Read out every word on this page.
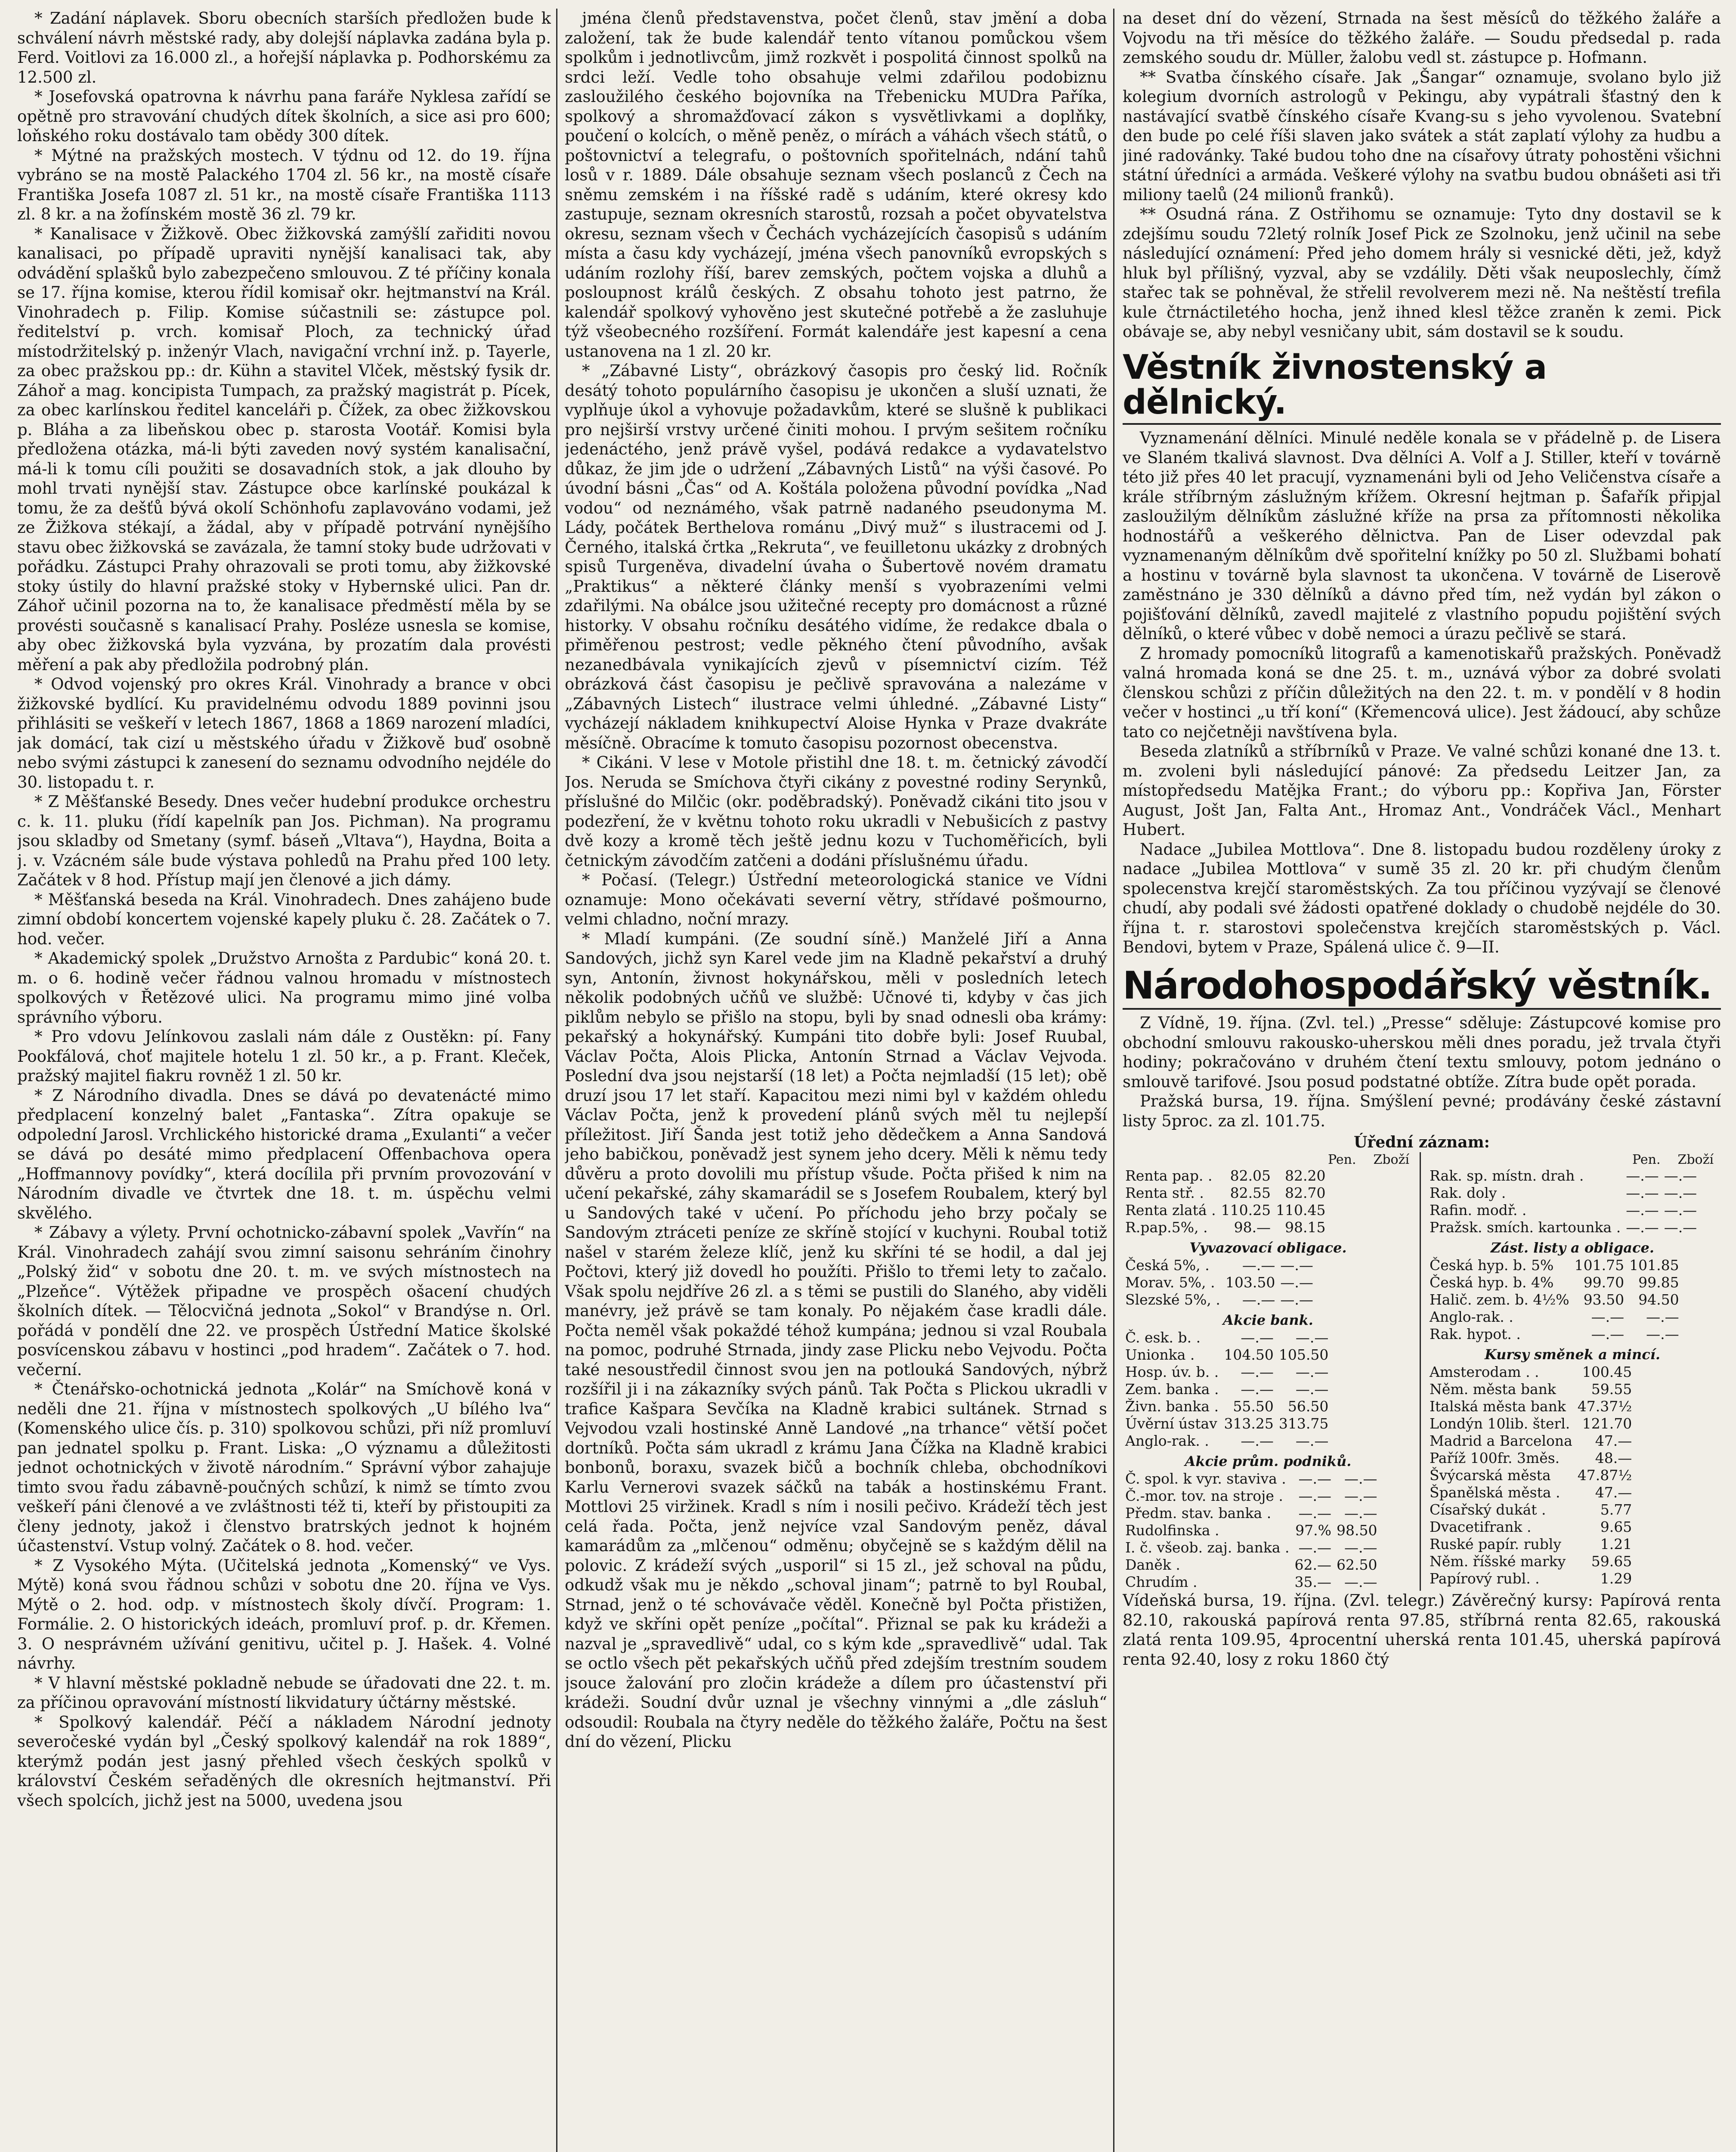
* Zadání náplavek. Sboru obecních starších předložen bude k schválení návrh městské rady, aby dolejší náplavka zadána byla p. Ferd. Voitlovi za 16.000 zl., a hořejší náplavka p. Podhorskému za 12.500 zl.

* Josefovská opatrovna k návrhu pana faráře Nyklesa zařídí se opětně pro stravování chudých dítek školních, a sice asi pro 600; loňského roku dostávalo tam obědy 300 dítek.

* Mýtné na pražských mostech. V týdnu od 12. do 19. října vybráno se na mostě Palackého 1704 zl. 56 kr., na mostě císaře Františka Josefa 1087 zl. 51 kr., na mostě císaře Františka 1113 zl. 8 kr. a na žofínském mostě 36 zl. 79 kr.

* Kanalisace v Žižkově. Obec žižkovská zamýšlí zařiditi novou kanalisaci, po případě upraviti nynější kanalisaci tak, aby odvádění splašků bylo zabezpečeno smlouvou. Z té příčiny konala se 17. října komise, kterou řídil komisař okr. hejtmanství na Král. Vinohradech p. Filip. Komise súčastnili se: zástupce pol. ředitelství p. vrch. komisař Ploch, za technický úřad místodržitelský p. inženýr Vlach, navigační vrchní inž. p. Tayerle, za obec pražskou pp.: dr. Kühn a stavitel Vlček, městský fysik dr. Záhoř a mag. koncipista Tumpach, za pražský magistrát p. Pícek, za obec karlínskou ředitel kanceláři p. Čížek, za obec žižkovskou p. Bláha a za libeňskou obec p. starosta Vootář. Komisi byla předložena otázka, má-li býti zaveden nový systém kanalisační, má-li k tomu cíli použiti se dosavadních stok, a jak dlouho by mohl trvati nynější stav. Zástupce obce karlínské poukázal k tomu, že za dešťů bývá okolí Schönhofu zaplavováno vodami, jež ze Žižkova stékají, a žádal, aby v případě potrvání nynějšího stavu obec žižkovská se zavázala, že tamní stoky bude udržovati v pořádku. Zástupci Prahy ohrazovali se proti tomu, aby žižkovské stoky ústily do hlavní pražské stoky v Hybernské ulici. Pan dr. Záhoř učinil pozorna na to, že kanalisace předměstí měla by se provésti současně s kanalisací Prahy. Posléze usnesla se komise, aby obec žižkovská byla vyzvána, by prozatím dala provésti měření a pak aby předložila podrobný plán.

* Odvod vojenský pro okres Král. Vinohrady a brance v obci žižkovské bydlící. Ku pravidelnému odvodu 1889 povinni jsou přihlásiti se veškeří v letech 1867, 1868 a 1869 narození mladíci, jak domácí, tak cizí u městského úřadu v Žižkově buď osobně nebo svými zástupci k zanesení do seznamu odvodního nejdéle do 30. listopadu t. r.

* Z Měšťanské Besedy. Dnes večer hudební produkce orchestru c. k. 11. pluku (řídí kapelník pan Jos. Pichman). Na programu jsou skladby od Smetany (symf. báseň „Vltava“), Haydna, Boita a j. v. Vzácném sále bude výstava pohledů na Prahu před 100 lety. Začátek v 8 hod. Přístup mají jen členové a jich dámy.

* Měšťanská beseda na Král. Vinohradech. Dnes zahájeno bude zimní období koncertem vojenské kapely pluku č. 28. Začátek o 7. hod. večer.

* Akademický spolek „Družstvo Arnošta z Pardubic“ koná 20. t. m. o 6. hodině večer řádnou valnou hromadu v místnostech spolkových v Řetězové ulici. Na programu mimo jiné volba správního výboru.

* Pro vdovu Jelínkovou zaslali nám dále z Oustěkn: pí. Fany Pookfálová, choť majitele hotelu 1 zl. 50 kr., a p. Frant. Kleček, pražský majitel fiakru rovněž 1 zl. 50 kr.

* Z Národního divadla. Dnes se dává po devatenácté mimo předplacení konzelný balet „Fantaska“. Zítra opakuje se odpolední Jarosl. Vrchlického historické drama „Exulanti“ a večer se dává po desáté mimo předplacení Offenbachova opera „Hoffmannovy povídky“, která docílila při prvním provozování v Národním divadle ve čtvrtek dne 18. t. m. úspěchu velmi skvělého.

* Zábavy a výlety. První ochotnicko-zábavní spolek „Vavřín“ na Král. Vinohradech zahájí svou zimní saisonu sehráním činohry „Polský žid“ v sobotu dne 20. t. m. ve svých místnostech na „Plzeňce“. Výtěžek připadne ve prospěch ošacení chudých školních dítek. — Tělocvičná jednota „Sokol“ v Brandýse n. Orl. pořádá v pondělí dne 22. ve prospěch Ústřední Matice školské posvícenskou zábavu v hostinci „pod hradem“. Začátek o 7. hod. večerní.

* Čtenářsko-ochotnická jednota „Kolár“ na Smíchově koná v neděli dne 21. října v místnostech spolkových „U bílého lva“ (Komenského ulice čís. p. 310) spolkovou schůzi, při níž promluví pan jednatel spolku p. Frant. Liska: „O významu a důležitosti jednot ochotnických v životě národním.“ Správní výbor zahajuje timto svou řadu zábavně-poučných schůzí, k nimž se tímto zvou veškeří páni členové a ve zvláštnosti též ti, kteří by přistoupiti za členy jednoty, jakož i členstvo bratrských jednot k hojném účastenství. Vstup volný. Začátek o 8. hod. večer.

* Z Vysokého Mýta. (Učitelská jednota „Komenský“ ve Vys. Mýtě) koná svou řádnou schůzi v sobotu dne 20. října ve Vys. Mýtě o 2. hod. odp. v místnostech školy dívčí. Program: 1. Formálie. 2. O historických ideách, promluví prof. p. dr. Křemen. 3. O nesprávném užívání genitivu, učitel p. J. Hašek. 4. Volné návrhy.

* V hlavní městské pokladně nebude se úřadovati dne 22. t. m. za příčinou opravování místností likvidatury účtárny městské.

* Spolkový kalendář. Péčí a nákladem Národní jednoty severočeské vydán byl „Český spolkový kalendář na rok 1889“, kterýmž podán jest jasný přehled všech českých spolků v království Českém seřaděných dle okresních hejtmanství. Při všech spolcích, jichž jest na 5000, uvedena jsou

jména členů představenstva, počet členů, stav jmění a doba založení, tak že bude kalendář tento vítanou pomůckou všem spolkům i jednotlivcům, jimž rozkvět i pospolitá činnost spolků na srdci leží. Vedle toho obsahuje velmi zdařilou podobiznu zasloužilého českého bojovníka na Třebenicku MUDra Paříka, spolkový a shromažďovací zákon s vysvětlivkami a doplňky, poučení o kolcích, o měně peněz, o mírách a váhách všech států, o poštovnictví a telegrafu, o poštovních spořitelnách, ndání tahů losů v r. 1889. Dále obsahuje seznam všech poslanců z Čech na sněmu zemském i na říšské radě s udáním, které okresy kdo zastupuje, seznam okresních starostů, rozsah a počet obyvatelstva okresu, seznam všech v Čechách vycházejících časopisů s udáním místa a času kdy vycházejí, jména všech panovníků evropských s udáním rozlohy říší, barev zemských, počtem vojska a dluhů a posloupnost králů českých. Z obsahu tohoto jest patrno, že kalendář spolkový vyhověno jest skutečné potřebě a že zasluhuje týž všeobecného rozšíření. Formát kalendáře jest kapesní a cena ustanovena na 1 zl. 20 kr.

* „Zábavné Listy“, obrázkový časopis pro český lid. Ročník desátý tohoto populárního časopisu je ukončen a sluší uznati, že vyplňuje úkol a vyhovuje požadavkům, které se slušně k publikaci pro nejširší vrstvy určené činiti mohou. I prvým sešitem ročníku jedenáctého, jenž právě vyšel, podává redakce a vydavatelstvo důkaz, že jim jde o udržení „Zábavných Listů“ na výši časové. Po úvodní básni „Čas“ od A. Koštála položena původní povídka „Nad vodou“ od neznámého, však patrně nadaného pseudonyma M. Lády, počátek Berthelova románu „Divý muž“ s ilustracemi od J. Černého, italská črtka „Rekruta“, ve feuilletonu ukázky z drobných spisů Turgeněva, divadelní úvaha o Šubertově novém dramatu „Praktikus“ a některé články menší s vyobrazeními velmi zdařilými. Na obálce jsou užitečné recepty pro domácnost a různé historky. V obsahu ročníku desátého vidíme, že redakce dbala o přiměřenou pestrost; vedle pěkného čtení původního, avšak nezanedbávala vynikajících zjevů v písemnictví cizím. Též obrázková část časopisu je pečlivě spravována a nalezáme v „Zábavných Listech“ ilustrace velmi úhledné. „Zábavné Listy“ vycházejí nákladem knihkupectví Aloise Hynka v Praze dvakráte měsíčně. Obracíme k tomuto časopisu pozornost obecenstva.

* Cikáni. V lese v Motole přistihl dne 18. t. m. četnický závodčí Jos. Neruda se Smíchova čtyři cikány z povestné rodiny Serynků, příslušné do Milčic (okr. poděbradský). Poněvadž cikáni tito jsou v podezření, že v květnu tohoto roku ukradli v Nebušicích z pastvy dvě kozy a kromě těch ještě jednu kozu v Tuchoměřicích, byli četnickým závodčím zatčeni a dodáni příslušnému úřadu.

* Počasí. (Telegr.) Ústřední meteorologická stanice ve Vídni oznamuje: Mono očekávati severní větry, střídavé pošmourno, velmi chladno, noční mrazy.

* Mladí kumpáni. (Ze soudní síně.) Manželé Jiří a Anna Sandových, jichž syn Karel vede jim na Kladně pekařství a druhý syn, Antonín, živnost hokynářskou, měli v posledních letech několik podobných učňů ve službě: Učnové ti, kdyby v čas jich piklům nebylo se přišlo na stopu, byli by snad odnesli oba krámy: pekařský a hokynářský. Kumpáni tito dobře byli: Josef Ruubal, Václav Počta, Alois Plicka, Antonín Strnad a Václav Vejvoda. Poslední dva jsou nejstarší (18 let) a Počta nejmladší (15 let); obě druzí jsou 17 let staří. Kapacitou mezi nimi byl v každém ohledu Václav Počta, jenž k provedení plánů svých měl tu nejlepší příležitost. Jiří Šanda jest totiž jeho dědečkem a Anna Sandová jeho babičkou, poněvadž jest synem jeho dcery. Měli k němu tedy důvěru a proto dovolili mu přístup všude. Počta přišed k nim na učení pekařské, záhy skamarádil se s Josefem Roubalem, který byl u Sandových také v učení. Po příchodu jeho brzy počaly se Sandovým ztráceti peníze ze skříně stojící v kuchyni. Roubal totiž našel v starém železe klíč, jenž ku skříni té se hodil, a dal jej Počtovi, který již dovedl ho použíti. Přišlo to třemi lety to začalo. Však spolu nejdříve 26 zl. a s těmi se pustili do Slaného, aby viděli manévry, jež právě se tam konaly. Po nějakém čase kradli dále. Počta neměl však pokaždé téhož kumpána; jednou si vzal Roubala na pomoc, podruhé Strnada, jindy zase Plicku nebo Vejvodu. Počta také nesoustředil činnost svou jen na potlouká Sandových, nýbrž rozšířil ji i na zákazníky svých pánů. Tak Počta s Plickou ukradli v trafice Kašpara Sevčíka na Kladně krabici sultánek. Strnad s Vejvodou vzali hostinské Anně Landové „na trhance“ větší počet dortníků. Počta sám ukradl z krámu Jana Čížka na Kladně krabici bonbonů, boraxu, svazek bičů a bochník chleba, obchodníkovi Karlu Vernerovi svazek sáčků na tabák a hostinskému Frant. Mottlovi 25 viržinek. Kradl s ním i nosili pečivo. Krádeží těch jest celá řada. Počta, jenž nejvíce vzal Sandovým peněz, dával kamarádům za „mlčenou“ odměnu; obyčejně se s každým dělil na polovic. Z krádeží svých „usporil“ si 15 zl., jež schoval na půdu, odkudž však mu je někdo „schoval jinam“; patrně to byl Roubal, Strnad, jenž o té schovávače věděl. Konečně byl Počta přistižen, když ve skříni opět peníze „počítal“. Přiznal se pak ku krádeži a nazval je „spravedlivě“ udal, co s kým kde „spravedlivě“ udal. Tak se octlo všech pět pekařských učňů před zdejším trestním soudem jsouce žalování pro zločin krádeže a dílem pro účastenství při krádeži. Soudní dvůr uznal je všechny vinnými a „dle zásluh“ odsoudil: Roubala na čtyry neděle do těžkého žaláře, Počtu na šest dní do vězení, Plicku

na deset dní do vězení, Strnada na šest měsíců do těžkého žaláře a Vojvodu na tři měsíce do těžkého žaláře. — Soudu předsedal p. rada zemského soudu dr. Müller, žalobu vedl st. zástupce p. Hofmann.

** Svatba čínského císaře. Jak „Šangar“ oznamuje, svolano bylo již kolegium dvorních astrologů v Pekingu, aby vypátrali šťastný den k nastávající svatbě čínského císaře Kvang-su s jeho vyvolenou. Svatební den bude po celé říši slaven jako svátek a stát zaplatí výlohy za hudbu a jiné radovánky. Také budou toho dne na císařovy útraty pohostěni všichni státní úředníci a armáda. Veškeré výlohy na svatbu budou obnášeti asi tři miliony taelů (24 milionů franků).

** Osudná rána. Z Ostřihomu se oznamuje: Tyto dny dostavil se k zdejšímu soudu 72letý rolník Josef Pick ze Szolnoku, jenž učinil na sebe následující oznámení: Před jeho domem hrály si vesnické děti, jež, když hluk byl přílišný, vyzval, aby se vzdálily. Děti však neuposlechly, čímž stařec tak se pohněval, že střelil revolverem mezi ně. Na neštěstí trefila kule čtrnáctiletého hocha, jenž ihned klesl těžce zraněn k zemi. Pick obávaje se, aby nebyl vesničany ubit, sám dostavil se k soudu.

Věstník živnostenský a dělnický.

Vyznamenání dělníci. Minulé neděle konala se v přádelně p. de Lisera ve Slaném tkalivá slavnost. Dva dělníci A. Volf a J. Stiller, kteří v továrně této již přes 40 let pracují, vyznamenáni byli od Jeho Veličenstva císaře a krále stříbrným záslužným křížem. Okresní hejtman p. Šafařík připjal zasloužilým dělníkům záslužné kříže na prsa za přítomnosti několika hodnostářů a veškerého dělnictva. Pan de Liser odevzdal pak vyznamenaným dělníkům dvě spořitelní knížky po 50 zl. Službami bohatí a hostinu v továrně byla slavnost ta ukončena. V továrně de Liserově zaměstnáno je 330 dělníků a dávno před tím, než vydán byl zákon o pojišťování dělníků, zavedl majitelé z vlastního popudu pojištění svých dělníků, o které vůbec v době nemoci a úrazu pečlivě se stará.

Z hromady pomocníků litografů a kamenotiskařů pražských. Poněvadž valná hromada koná se dne 25. t. m., uznává výbor za dobré svolati členskou schůzi z příčin důležitých na den 22. t. m. v pondělí v 8 hodin večer v hostinci „u tří koní“ (Křemencová ulice). Jest žádoucí, aby schůze tato co nejčetněji navštívena byla.

Beseda zlatníků a stříbrníků v Praze. Ve valné schůzi konané dne 13. t. m. zvoleni byli následující pánové: Za předsedu Leitzer Jan, za místopředsedu Matějka Frant.; do výboru pp.: Kopřiva Jan, Förster August, Jošt Jan, Falta Ant., Hromaz Ant., Vondráček Václ., Menhart Hubert.

Nadace „Jubilea Mottlova“. Dne 8. listopadu budou rozděleny úroky z nadace „Jubilea Mottlova“ v sumě 35 zl. 20 kr. při chudým členům spolecenstva krejčí staroměstských. Za tou příčinou vyzývají se členové chudí, aby podali své žádosti opatřené doklady o chudobě nejdéle do 30. října t. r. starostovi společenstva krejčích staroměstských p. Václ. Bendovi, bytem v Praze, Spálená ulice č. 9—II.

Národohospodářský věstník.

Z Vídně, 19. října. (Zvl. tel.) „Presse“ sděluje: Zástupcové komise pro obchodní smlouvu rakousko-uherskou měli dnes poradu, jež trvala čtyři hodiny; pokračováno v druhém čtení textu smlouvy, potom jednáno o smlouvě tarifové. Jsou posud podstatné obtíže. Zítra bude opět porada.

Pražská bursa, 19. října. Smýšlení pevné; prodávány české zástavní listy 5proc. za zl. 101.75.

Úřední záznam:
Pen. Zboží
Renta pap. .	82.05	82.20
Renta stř. .	82.55	82.70
Renta zlatá .	110.25	110.45
R.pap.5%, .	98.—	98.15
Vyvazovací obligace.
Česká 5%, .	—.—	—.—
Morav. 5%, .	103.50	—.—
Slezské 5%, .	—.—	—.—
Akcie bank.
Č. esk. b. .	—.—	—.—
Unionka .	104.50	105.50
Hosp. úv. b. .	—.—	—.—
Zem. banka .	—.—	—.—
Živn. banka .	55.50	56.50
Úvěrní ústav	313.25	313.75
Anglo-rak. .	—.—	—.—
Akcie prům. podniků.
Č. spol. k vyr. stavivа .	—.—	—.—
Č.-mor. tov. na stroje .	—.—	—.—
Předm. stav. banka .	—.—	—.—
Rudolfinska .	97.%	98.50
I. č. všeob. zaj. banka .	—.—	—.—
Daněk .	62.—	62.50
Chrudím .	35.—	—.—
Pen. Zboží
Rak. sp. místn. drah .	—.—	—.—
Rak. doly .	—.—	—.—
Rafin. modř. .	—.—	—.—
Pražsk. smích. kartounka .	—.—	—.—
Zást. listy a obligace.
Česká hyp. b. 5%	101.75	101.85
Česká hyp. b. 4%	99.70	99.85
Halič. zem. b. 4½%	93.50	94.50
Anglo-rak. .	—.—	—.—
Rak. hypot. .	—.—	—.—
Kursy směnek a mincí.
Amsterodam . .	100.45
Něm. města bank	59.55
Italská města bank	47.37½
Londýn 10lib. šterl.	121.70
Madrid a Barcelona	47.—
Paříž 100fr. 3měs.	48.—
Švýcarská města	47.87½
Španělská města .	47.—
Císařský dukát .	5.77
Dvacetifrank .	9.65
Ruské papír. rubly	1.21
Něm. říšské marky	59.65
Papírový rubl. .	1.29

Vídeňská bursa, 19. října. (Zvl. telegr.) Závěrečný kursy: Papírová renta 82.10, rakouská papírová renta 97.85, stříbrná renta 82.65, rakouská zlatá renta 109.95, 4procentní uherská renta 101.45, uherská papírová renta 92.40, losy z roku 1860 čtý
